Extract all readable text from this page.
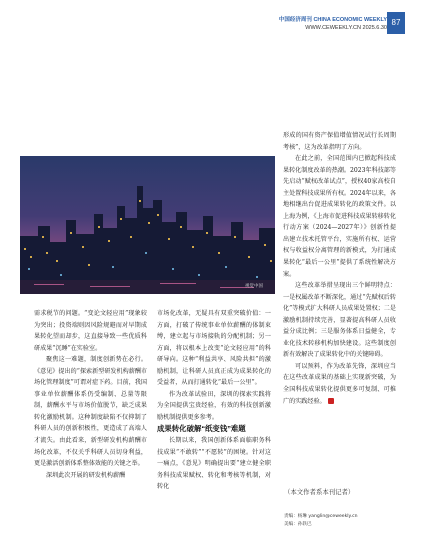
中国经济周刊 CHINA ECONOMIC WEEKLY
WWW.CEWEEKLY.CN 2025.6.30
87
视觉中国

需求税节的问题。“变论文轻应用”现象较为突出；投资端则因风险规避而对早期成果转化望而却步，这直接导致一些优质科研成果“沉睡”在实验室。

聚焦这一难题，制度创新势在必行。《意见》提出的“探索新型研发机构薪酬市场化管理制度”可谓对症下药。目前，我国事业单位薪酬体系仍受编制、总量等限制，薪酬水平与市场价值脱节，缺乏成果转化激励机制。这种制度缺陷不仅抑制了科研人员的创新积极性，更造成了高端人才流失。由此看来，新型研发机构薪酬市场化改革，不仅关乎科研人员切身利益，更是激活创新体系整体效能的关键之举。

深圳此次开展的研发机构薪酬

市场化改革，无疑具有双重突破价值：一方面，打破了传统事业单位薪酬的体制束缚，建立起与市场接轨的分配机制；另一方面，将以根本上改变“论文轻应用”的科研导向。这种“利益共享、风险共担”的激励机制，让科研人员真正成为成果转化的受益者，从而打通转化“最后一公里”。

作为改革试验田，深圳的探索实践将为全国提供宝贵经验，有效的科技创新激励机制提供更多参考。

成果转化破解“纸变钱”难题

长期以来，我国创新体系面临职务科技成果“不敢转”“不愿转”的困境。针对这一痛点，《意见》明确提出要“建立健全职务科技成果赋权、转化和考核等机制，对转化

形成的国有资产保值增值情况试行长周期考核”，这为改革指明了方向。

在此之前，全国范围内已掀起科技成果转化制度改革的热潮。2023年科技部等先启动“赋权改革试点”，授权40家高校自主处置科技成果所有权。2024年以来，各地相继出台促进成果转化的政策文件。以上海为例，《上海市促进科技成果转移转化行动方案（2024—2027年）》创新性提出建立技术托管平台，实施所有权、运营权与收益权分离管理的新模式，为打通成果转化“最后一公里”提供了系统性解决方案。

这些改革举措呈现出三个鲜明特点：一是权属改革不断深化，通过“先赋权后转化”等模式扩大科研人员成果处置权；二是激励机制持续完善，显著提高科研人员收益分成比例；三是服务体系日益健全，专业化技术转移机构加快建设。这些制度创新有效解决了成果转化中的关键障碍。

可以预料，作为改革先锋，深圳应当在这些改革成果的基础上实现新突破，为全国科技成果转化提供更多可复制、可推广的实践经验。

（本文作者系本刊记者）
责编：杨琳 yanglin@ceweekly.cn
美编：孙轶巴
